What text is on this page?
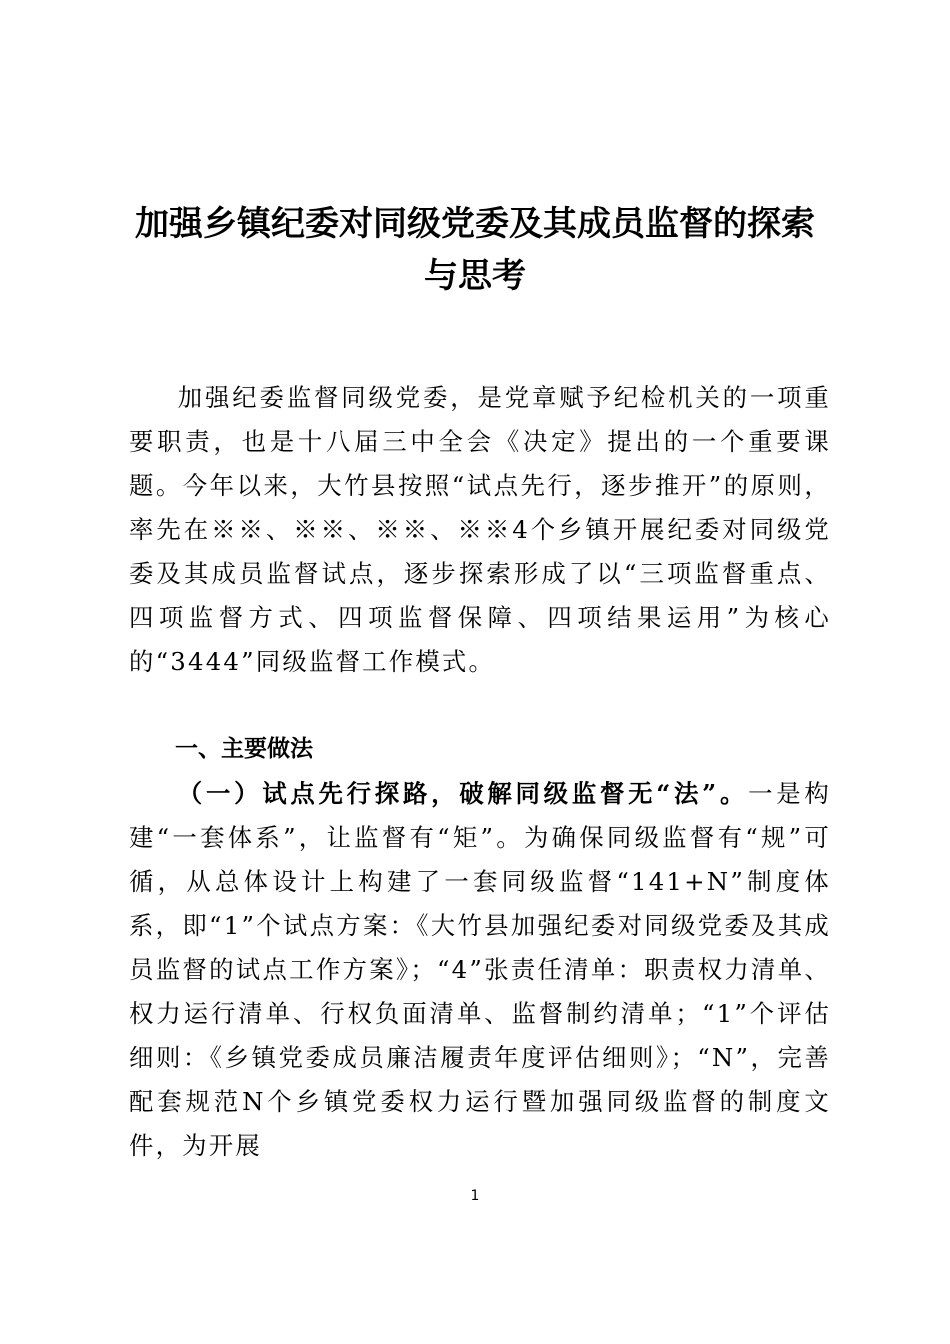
加强乡镇纪委对同级党委及其成员监督的探索与思考

加强纪委监督同级党委，是党章赋予纪检机关的一项重要职责，也是十八届三中全会《决定》提出的一个重要课题。今年以来，大竹县按照“试点先行，逐步推开”的原则，率先在※※、※※、※※、※※4个乡镇开展纪委对同级党委及其成员监督试点，逐步探索形成了以“三项监督重点、四项监督方式、四项监督保障、四项结果运用”为核心的“3444”同级监督工作模式。

一、主要做法

（一）试点先行探路，破解同级监督无“法”。一是构建“一套体系”，让监督有“矩”。为确保同级监督有“规”可循，从总体设计上构建了一套同级监督“141+N”制度体系，即“1”个试点方案：《大竹县加强纪委对同级党委及其成员监督的试点工作方案》；“4”张责任清单：职责权力清单、权力运行清单、行权负面清单、监督制约清单；“1”个评估细则：《乡镇党委成员廉洁履责年度评估细则》；“N”，完善配套规范N个乡镇党委权力运行暨加强同级监督的制度文件，为开展

1
